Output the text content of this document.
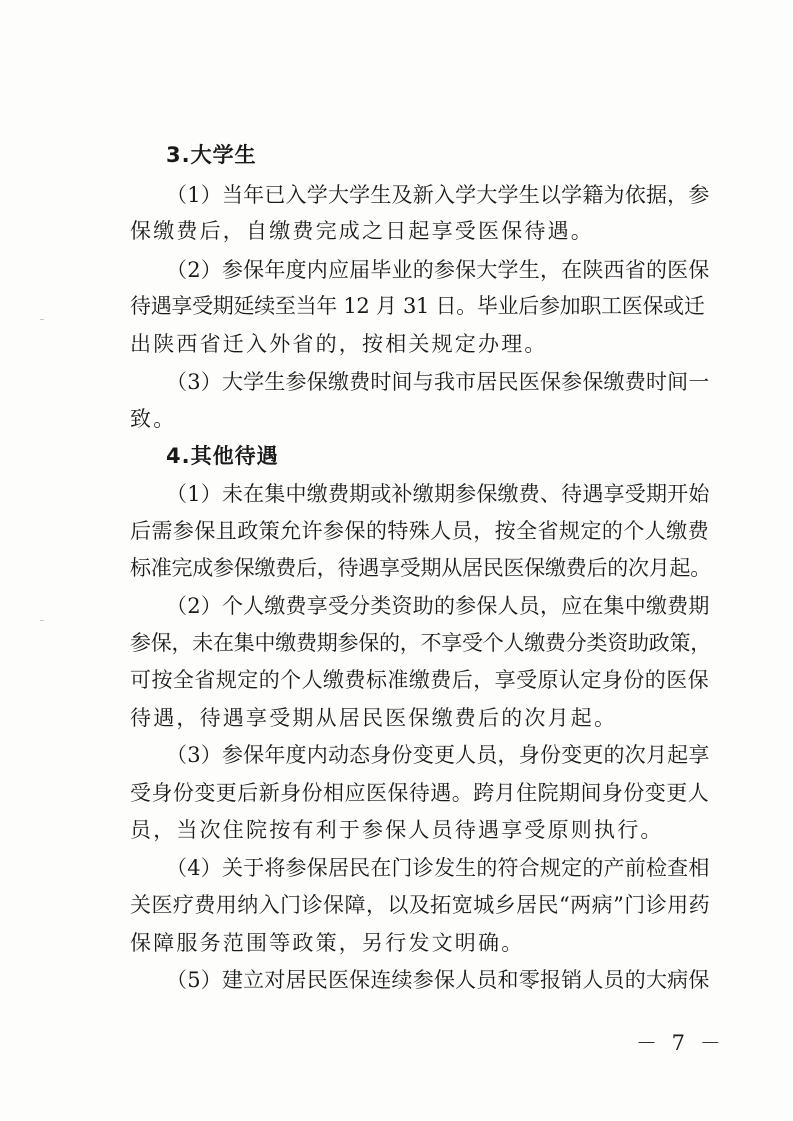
3.大学生
（1）当年已入学大学生及新入学大学生以学籍为依据，参
保缴费后，自缴费完成之日起享受医保待遇。
（2）参保年度内应届毕业的参保大学生，在陕西省的医保
待遇享受期延续至当年 12 月 31 日。毕业后参加职工医保或迁
出陕西省迁入外省的，按相关规定办理。
（3）大学生参保缴费时间与我市居民医保参保缴费时间一
致。
4.其他待遇
（1）未在集中缴费期或补缴期参保缴费、待遇享受期开始
后需参保且政策允许参保的特殊人员，按全省规定的个人缴费
标准完成参保缴费后，待遇享受期从居民医保缴费后的次月起。
（2）个人缴费享受分类资助的参保人员，应在集中缴费期
参保，未在集中缴费期参保的，不享受个人缴费分类资助政策，
可按全省规定的个人缴费标准缴费后，享受原认定身份的医保
待遇，待遇享受期从居民医保缴费后的次月起。
（3）参保年度内动态身份变更人员，身份变更的次月起享
受身份变更后新身份相应医保待遇。跨月住院期间身份变更人
员，当次住院按有利于参保人员待遇享受原则执行。
（4）关于将参保居民在门诊发生的符合规定的产前检查相
关医疗费用纳入门诊保障，以及拓宽城乡居民“两病”门诊用药
保障服务范围等政策，另行发文明确。
（5）建立对居民医保连续参保人员和零报销人员的大病保
－ 7 －
